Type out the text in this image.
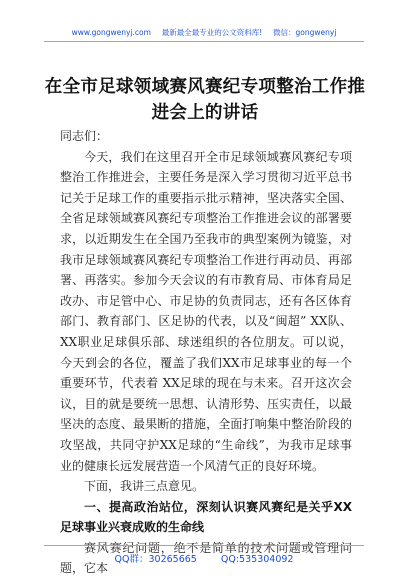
www.gongwenyj.com 最新最全最专业的公文资料库! 微信：gongwenyj
在全市足球领域赛风赛纪专项整治工作推进会上的讲话

同志们：

今天，我们在这里召开全市足球领域赛风赛纪专项整治工作推进会，主要任务是深入学习贯彻习近平总书记关于足球工作的重要指示批示精神，坚决落实全国、全省足球领域赛风赛纪专项整治工作推进会议的部署要求，以近期发生在全国乃至我市的典型案例为镜鉴，对我市足球领域赛风赛纪专项整治工作进行再动员、再部署、再落实。参加今天会议的有市教育局、市体育局足改办、市足管中心、市足协的负责同志，还有各区体育部门、教育部门、区足协的代表，以及“闽超” XX队、XX职业足球俱乐部、球迷组织的各位朋友。可以说，今天到会的各位，覆盖了我们XX市足球事业的每一个重要环节，代表着 XX足球的现在与未来。召开这次会议，目的就是要统一思想、认清形势、压实责任，以最坚决的态度、最果断的措施，全面打响集中整治阶段的攻坚战，共同守护XX足球的“生命线”，为我市足球事业的健康长远发展营造一个风清气正的良好环境。

下面，我讲三点意见。

一、提高政治站位，深刻认识赛风赛纪是关乎XX 足球事业兴衰成败的生命线

赛风赛纪问题，绝不是简单的技术问题或管理问题，它本

QQ群：30265665	QQ:535304092
